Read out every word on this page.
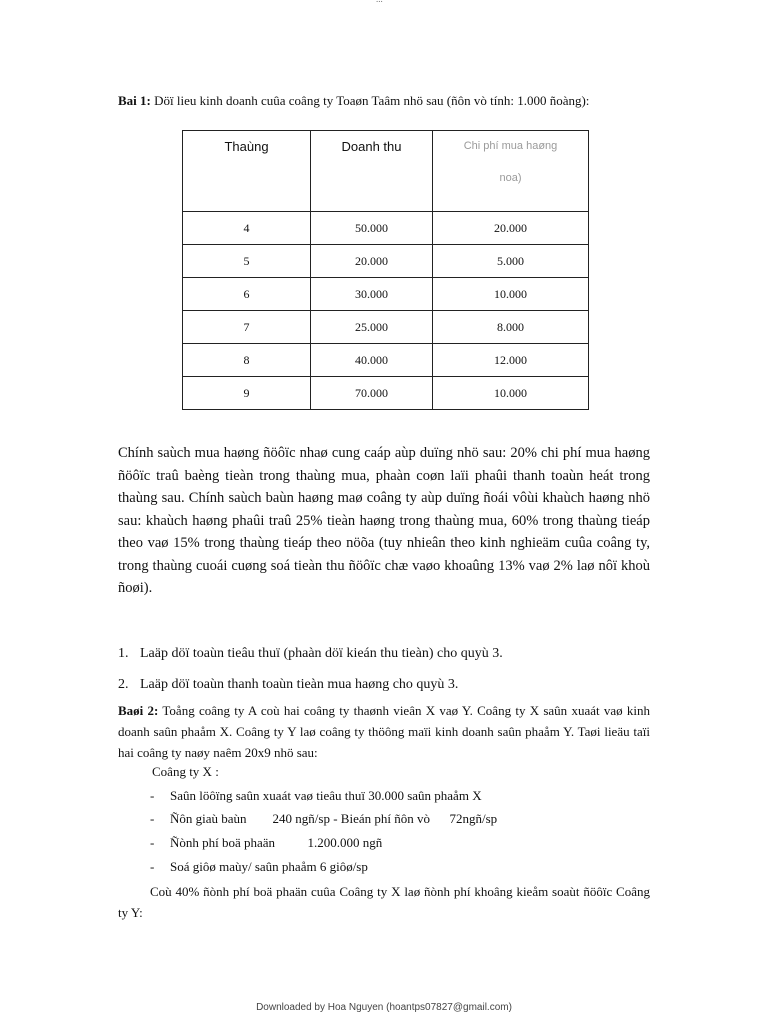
Bai 1: Döï lieu kinh doanh cuûa coâng ty Toaøn Taâm nhö sau (ñôn vò tính: 1.000 ñoàng):
Thaùng	Doanh thu	Chi phí mua haøng
noa)

4	50.000	20.000
5	20.000	5.000
6	30.000	10.000
7	25.000	8.000
8	40.000	12.000
9	70.000	10.000
Chính saùch mua haøng ñöôïc nhaø cung caáp aùp duïng nhö sau: 20% chi phí mua haøng ñöôïc traû baèng tieàn trong thaùng mua, phaàn coøn laïi phaûi thanh toaùn heát trong thaùng sau. Chính saùch baùn haøng maø coâng ty aùp duïng ñoái vôùi khaùch haøng nhö sau: khaùch haøng phaûi traû 25% tieàn haøng trong thaùng mua, 60% trong thaùng tieáp theo vaø 15% trong thaùng tieáp theo nöõa (tuy nhieân theo kinh nghieäm cuûa coâng ty, trong thaùng cuoái cuøng soá tieàn thu ñöôïc chæ vaøo khoaûng 13% vaø 2% laø nôï khoù ñoøi).
1. Laäp döï toaùn tieâu thuï (phaàn döï kieán thu tieàn) cho quyù 3.
2. Laäp döï toaùn thanh toaùn tieàn mua haøng cho quyù 3.
Baøi 2: Toång coâng ty A coù hai coâng ty thaønh vieân X vaø Y. Coâng ty X saûn xuaát vaø kinh doanh saûn phaåm X. Coâng ty Y laø coâng ty thöông maïi kinh doanh saûn phaåm Y. Taøi lieäu taïi hai coâng ty naøy naêm 20x9 nhö sau:
Coâng ty X :
- Saûn löôïng saûn xuaát vaø tieâu thuï 30.000 saûn phaåm X
- Ñôn giaù baùn        240 ngñ/sp - Bieán phí ñôn vò      72ngñ/sp
- Ñònh phí boä phaän          1.200.000 ngñ
- Soá giôø maùy/ saûn phaåm 6 giôø/sp
Coù 40% ñònh phí boä phaän cuûa Coâng ty X laø ñònh phí khoâng kieåm soaùt ñöôïc Coâng ty Y:
Downloaded by Hoa Nguyen (hoantps07827@gmail.com)
